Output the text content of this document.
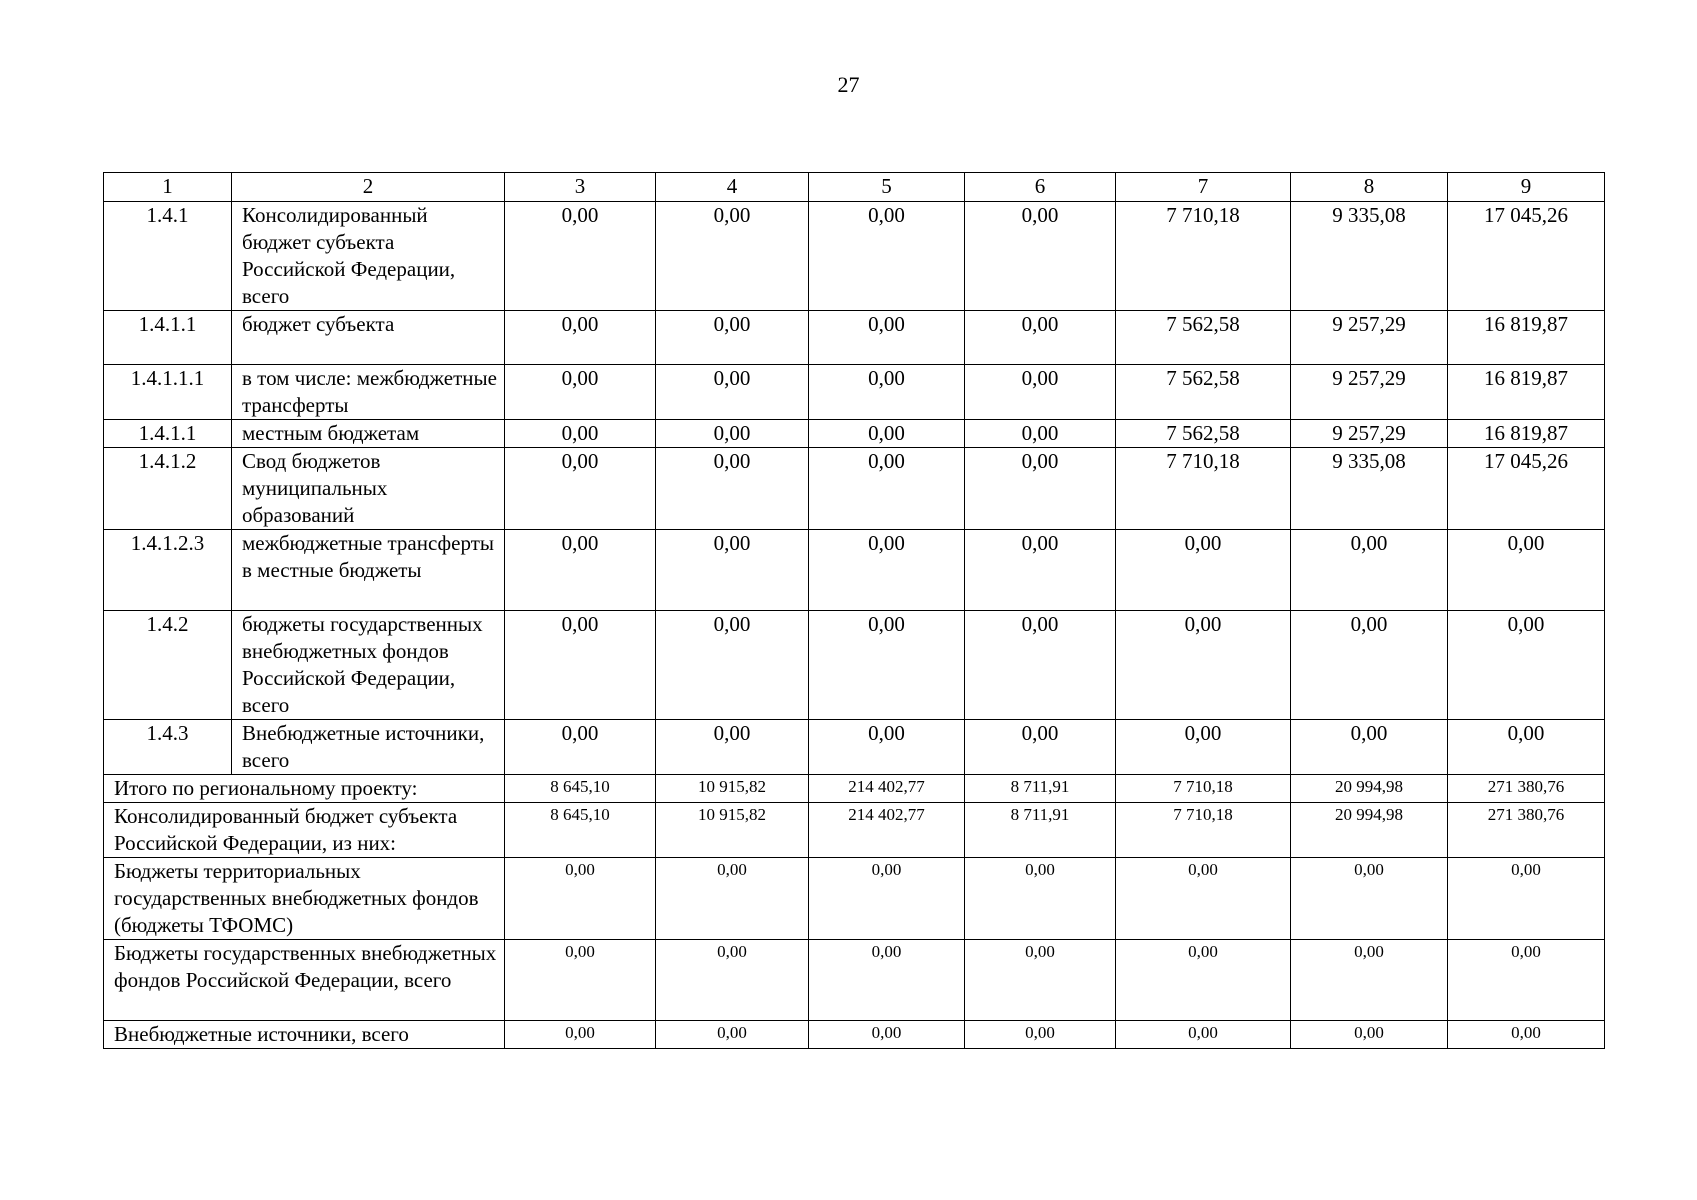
27
1	2	3	4	5	6	7	8	9
1.4.1	Консолидированный бюджет субъекта Российской Федерации, всего	0,00	0,00	0,00	0,00	7 710,18	9 335,08	17 045,26
1.4.1.1	бюджет субъекта	0,00	0,00	0,00	0,00	7 562,58	9 257,29	16 819,87
1.4.1.1.1	в том числе: межбюджетные трансферты	0,00	0,00	0,00	0,00	7 562,58	9 257,29	16 819,87
1.4.1.1	местным бюджетам	0,00	0,00	0,00	0,00	7 562,58	9 257,29	16 819,87
1.4.1.2	Свод бюджетов муниципальных образований	0,00	0,00	0,00	0,00	7 710,18	9 335,08	17 045,26
1.4.1.2.3	межбюджетные трансферты в местные бюджеты	0,00	0,00	0,00	0,00	0,00	0,00	0,00
1.4.2	бюджеты государственных внебюджетных фондов Российской Федерации, всего	0,00	0,00	0,00	0,00	0,00	0,00	0,00
1.4.3	Внебюджетные источники, всего	0,00	0,00	0,00	0,00	0,00	0,00	0,00
Итого по региональному проекту:		8 645,10	10 915,82	214 402,77	8 711,91	7 710,18	20 994,98	271 380,76
Консолидированный бюджет субъекта Российской Федерации, из них:		8 645,10	10 915,82	214 402,77	8 711,91	7 710,18	20 994,98	271 380,76
Бюджеты территориальных государственных внебюджетных фондов (бюджеты ТФОМС)		0,00	0,00	0,00	0,00	0,00	0,00	0,00
Бюджеты государственных внебюджетных фондов Российской Федерации, всего		0,00	0,00	0,00	0,00	0,00	0,00	0,00
Внебюджетные источники, всего		0,00	0,00	0,00	0,00	0,00	0,00	0,00
